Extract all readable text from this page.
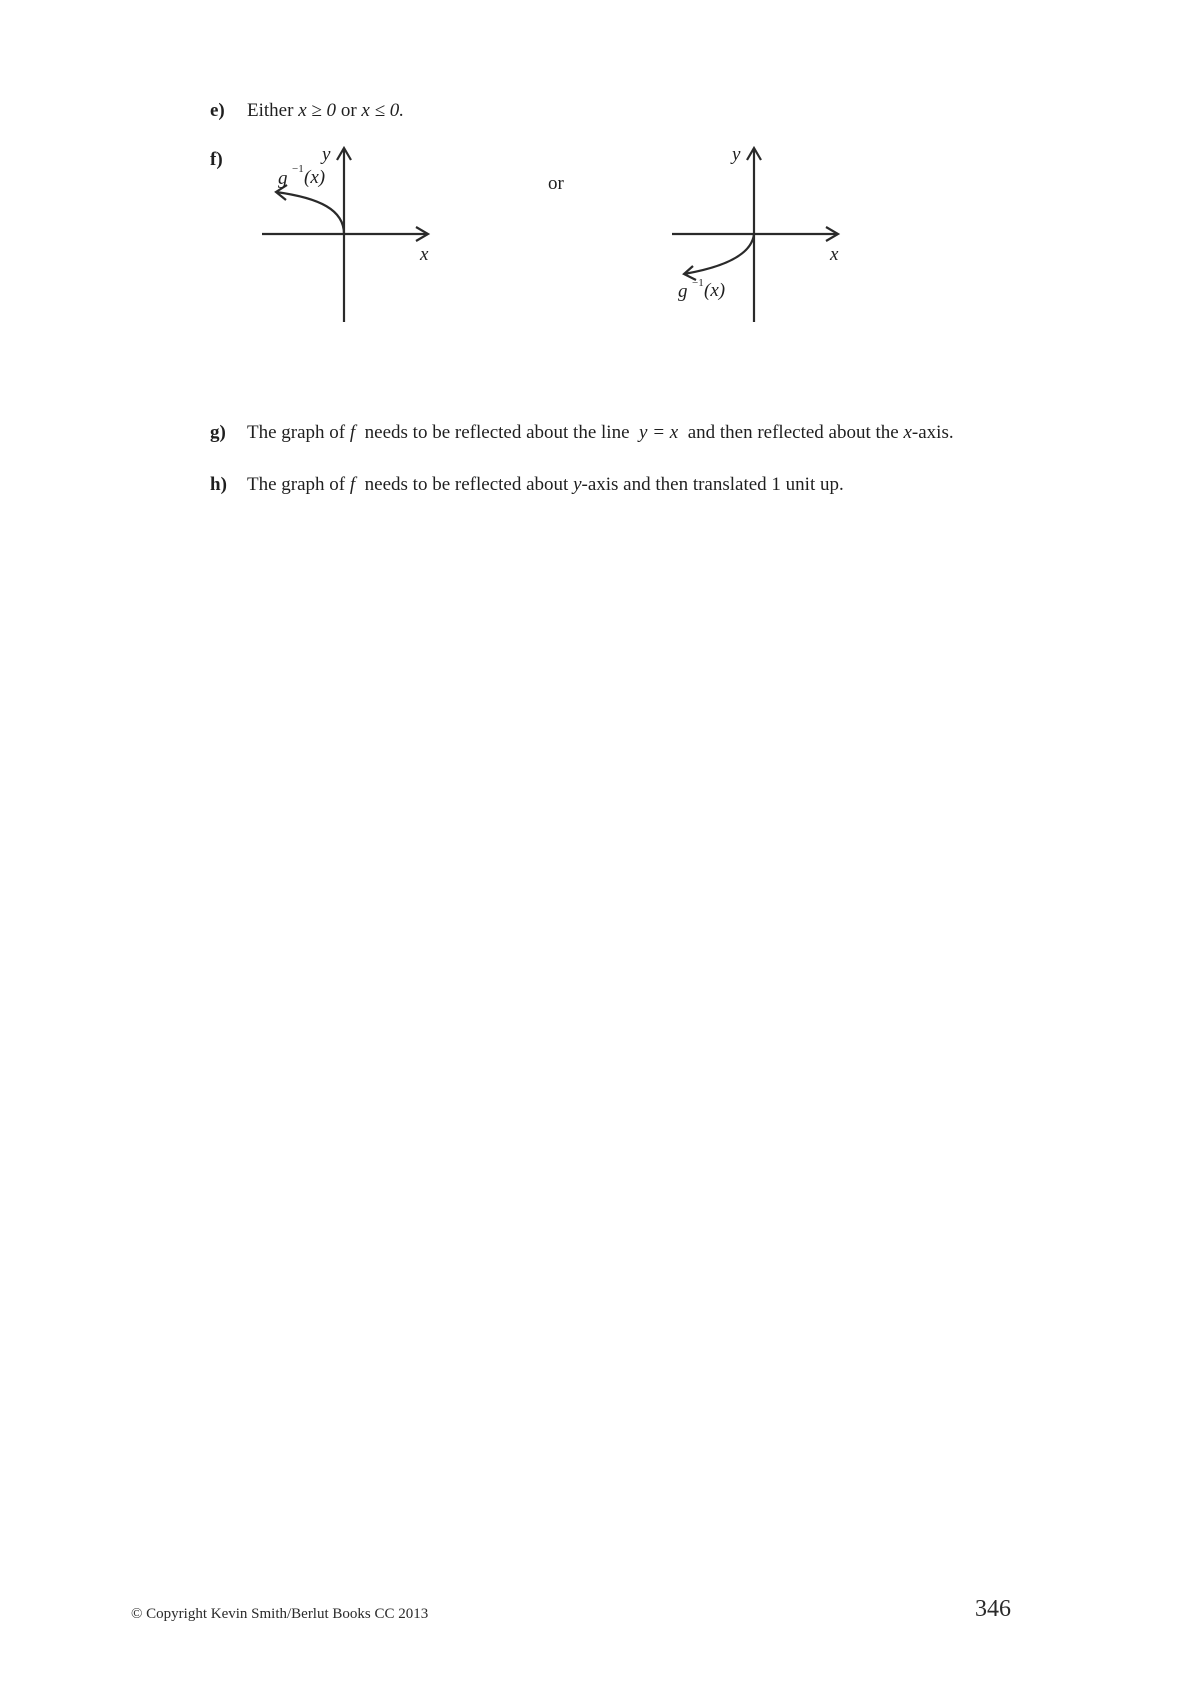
e) Either x ≥ 0 or x ≤ 0.
f)	y
x
g −1 (x)	or
y
x
g −1 (x)
g) The graph of f needs to be reflected about the line y = x and then reflected about the x-axis.
h) The graph of f needs to be reflected about y-axis and then translated 1 unit up.
© Copyright Kevin Smith/Berlut Books CC 2013	346
